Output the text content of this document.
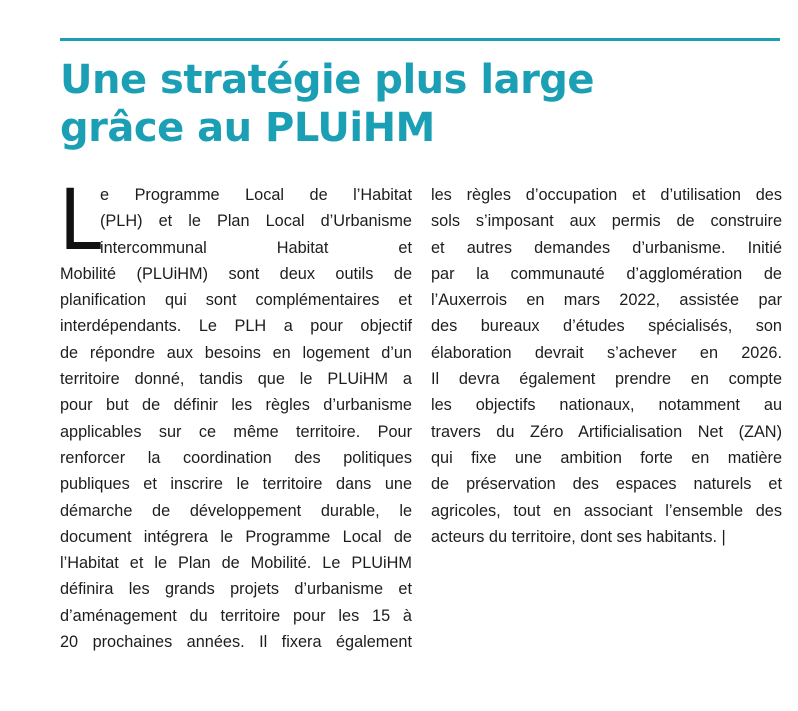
Une stratégie plus large
grâce au PLUiHM
L
e Programme Local de l’Habitat
(PLH) et le Plan Local d’Urbanisme
intercommunal Habitat et
Mobilité (PLUiHM) sont deux outils de
planification qui sont complémentaires et
interdépendants. Le PLH a pour objectif
de répondre aux besoins en logement d’un
territoire donné, tandis que le PLUiHM a
pour but de définir les règles d’urbanisme
applicables sur ce même territoire. Pour
renforcer la coordination des politiques
publiques et inscrire le territoire dans une
démarche de développement durable, le
document intégrera le Programme Local de
l’Habitat et le Plan de Mobilité. Le PLUiHM
définira les grands projets d’urbanisme et
d’aménagement du territoire pour les 15 à
20 prochaines années. Il fixera également
les règles d’occupation et d’utilisation des
sols s’imposant aux permis de construire
et autres demandes d’urbanisme. Initié
par la communauté d’agglomération de
l’Auxerrois en mars 2022, assistée par
des bureaux d’études spécialisés, son
élaboration devrait s’achever en 2026.
Il devra également prendre en compte
les objectifs nationaux, notamment au
travers du Zéro Artificialisation Net (ZAN)
qui fixe une ambition forte en matière
de préservation des espaces naturels et
agricoles, tout en associant l’ensemble des
acteurs du territoire, dont ses habitants. |
